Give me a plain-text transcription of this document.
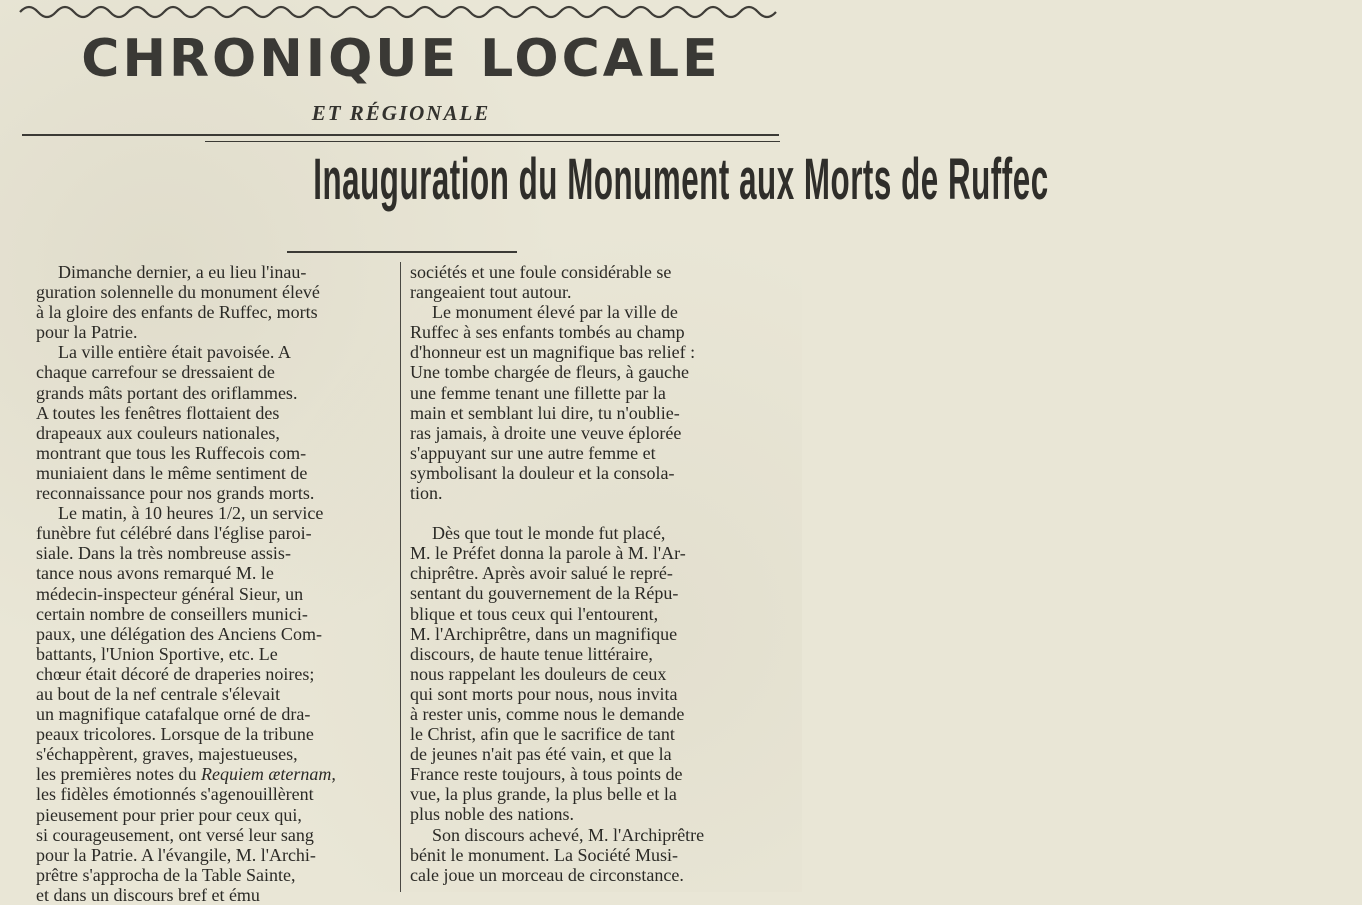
CHRONIQUE LOCALE
ET RÉGIONALE
Inauguration du Monument aux Morts de Ruffec
Dimanche dernier, a eu lieu l'inau-
guration solennelle du monument élevé
à la gloire des enfants de Ruffec, morts
pour la Patrie.
La ville entière était pavoisée. A
chaque carrefour se dressaient de
grands mâts portant des oriflammes.
A toutes les fenêtres flottaient des
drapeaux aux couleurs nationales,
montrant que tous les Ruffecois com-
muniaient dans le même sentiment de
reconnaissance pour nos grands morts.
Le matin, à 10 heures 1/2, un service
funèbre fut célébré dans l'église paroi-
siale. Dans la très nombreuse assis-
tance nous avons remarqué M. le
médecin-inspecteur général Sieur, un
certain nombre de conseillers munici-
paux, une délégation des Anciens Com-
battants, l'Union Sportive, etc. Le
chœur était décoré de draperies noires;
au bout de la nef centrale s'élevait
un magnifique catafalque orné de dra-
peaux tricolores. Lorsque de la tribune
s'échappèrent, graves, majestueuses,
les premières notes du Requiem æternam,
les fidèles émotionnés s'agenouillèrent
pieusement pour prier pour ceux qui,
si courageusement, ont versé leur sang
pour la Patrie. A l'évangile, M. l'Archi-
prêtre s'approcha de la Table Sainte,
et dans un discours bref et ému
sociétés et une foule considérable se
rangeaient tout autour.
Le monument élevé par la ville de
Ruffec à ses enfants tombés au champ
d'honneur est un magnifique bas relief :
Une tombe chargée de fleurs, à gauche
une femme tenant une fillette par la
main et semblant lui dire, tu n'oublie-
ras jamais, à droite une veuve éplorée
s'appuyant sur une autre femme et
symbolisant la douleur et la consola-
tion.
Dès que tout le monde fut placé,
M. le Préfet donna la parole à M. l'Ar-
chiprêtre. Après avoir salué le repré-
sentant du gouvernement de la Répu-
blique et tous ceux qui l'entourent,
M. l'Archiprêtre, dans un magnifique
discours, de haute tenue littéraire,
nous rappelant les douleurs de ceux
qui sont morts pour nous, nous invita
à rester unis, comme nous le demande
le Christ, afin que le sacrifice de tant
de jeunes n'ait pas été vain, et que la
France reste toujours, à tous points de
vue, la plus grande, la plus belle et la
plus noble des nations.
Son discours achevé, M. l'Archiprêtre
bénit le monument. La Société Musi-
cale joue un morceau de circonstance.
